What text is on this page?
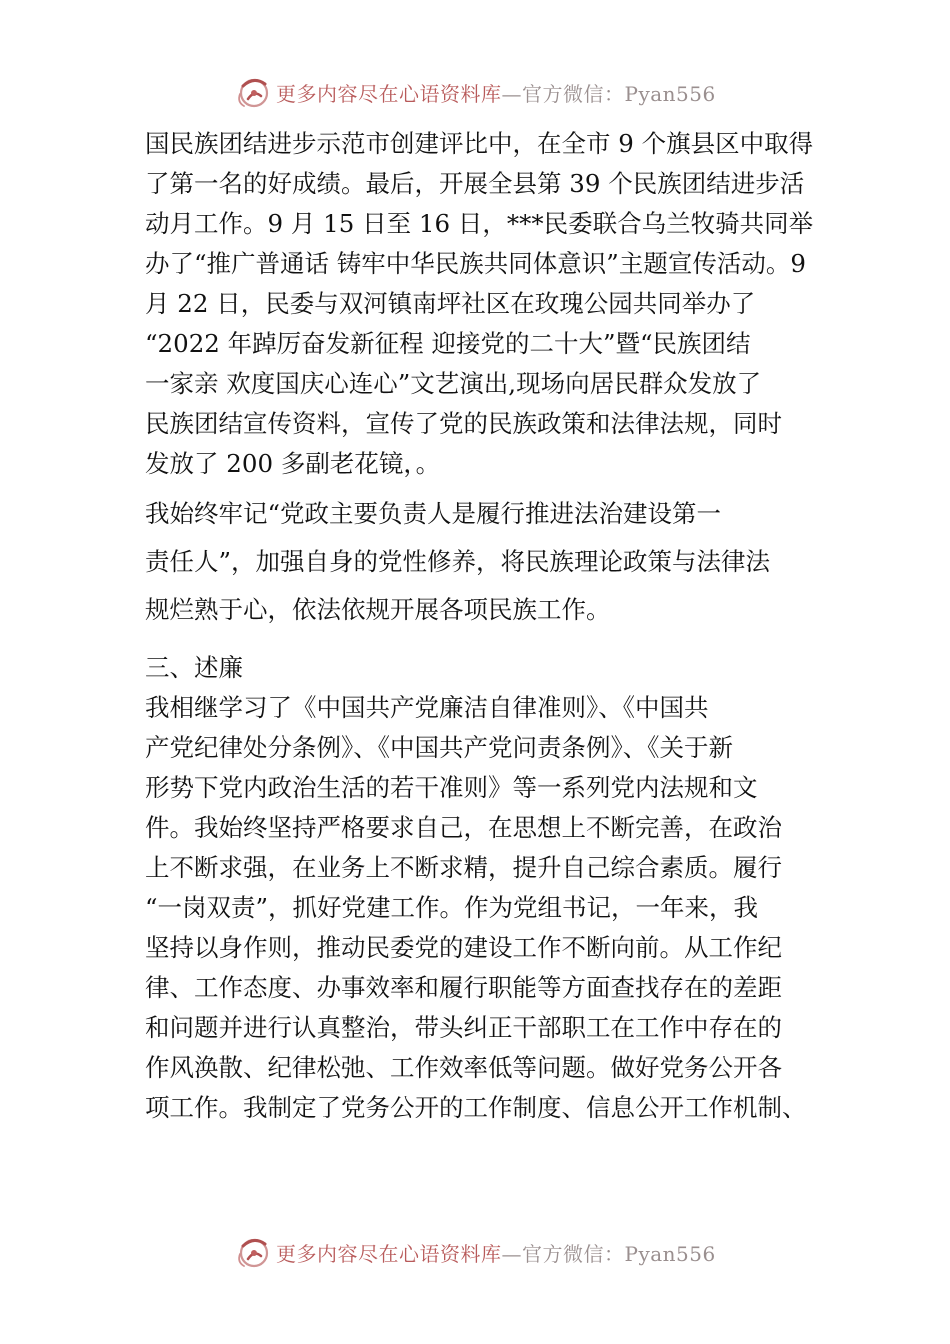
更多内容尽在心语资料库—官方微信：Pyan556
国民族团结进步示范市创建评比中，在全市 9 个旗县区中取得
了第一名的好成绩。最后，开展全县第 39 个民族团结进步活
动月工作。9 月 15 日至 16 日，***民委联合乌兰牧骑共同举
办了“推广普通话 铸牢中华民族共同体意识”主题宣传活动。9
月 22 日，民委与双河镇南坪社区在玫瑰公园共同举办了
“2022 年踔厉奋发新征程 迎接党的二十大”暨“民族团结
一家亲 欢度国庆心连心”文艺演出,现场向居民群众发放了
民族团结宣传资料，宣传了党的民族政策和法律法规，同时
发放了 200 多副老花镜，。
我始终牢记“党政主要负责人是履行推进法治建设第一
责任人”，加强自身的党性修养，将民族理论政策与法律法
规烂熟于心，依法依规开展各项民族工作。
三、述廉
我相继学习了《中国共产党廉洁自律准则》、《中国共
产党纪律处分条例》、《中国共产党问责条例》、《关于新
形势下党内政治生活的若干准则》等一系列党内法规和文
件。我始终坚持严格要求自己，在思想上不断完善，在政治
上不断求强，在业务上不断求精，提升自己综合素质。履行
“一岗双责”，抓好党建工作。作为党组书记，一年来，我
坚持以身作则，推动民委党的建设工作不断向前。从工作纪
律、工作态度、办事效率和履行职能等方面查找存在的差距
和问题并进行认真整治，带头纠正干部职工在工作中存在的
作风涣散、纪律松弛、工作效率低等问题。做好党务公开各
项工作。我制定了党务公开的工作制度、信息公开工作机制、
更多内容尽在心语资料库—官方微信：Pyan556
